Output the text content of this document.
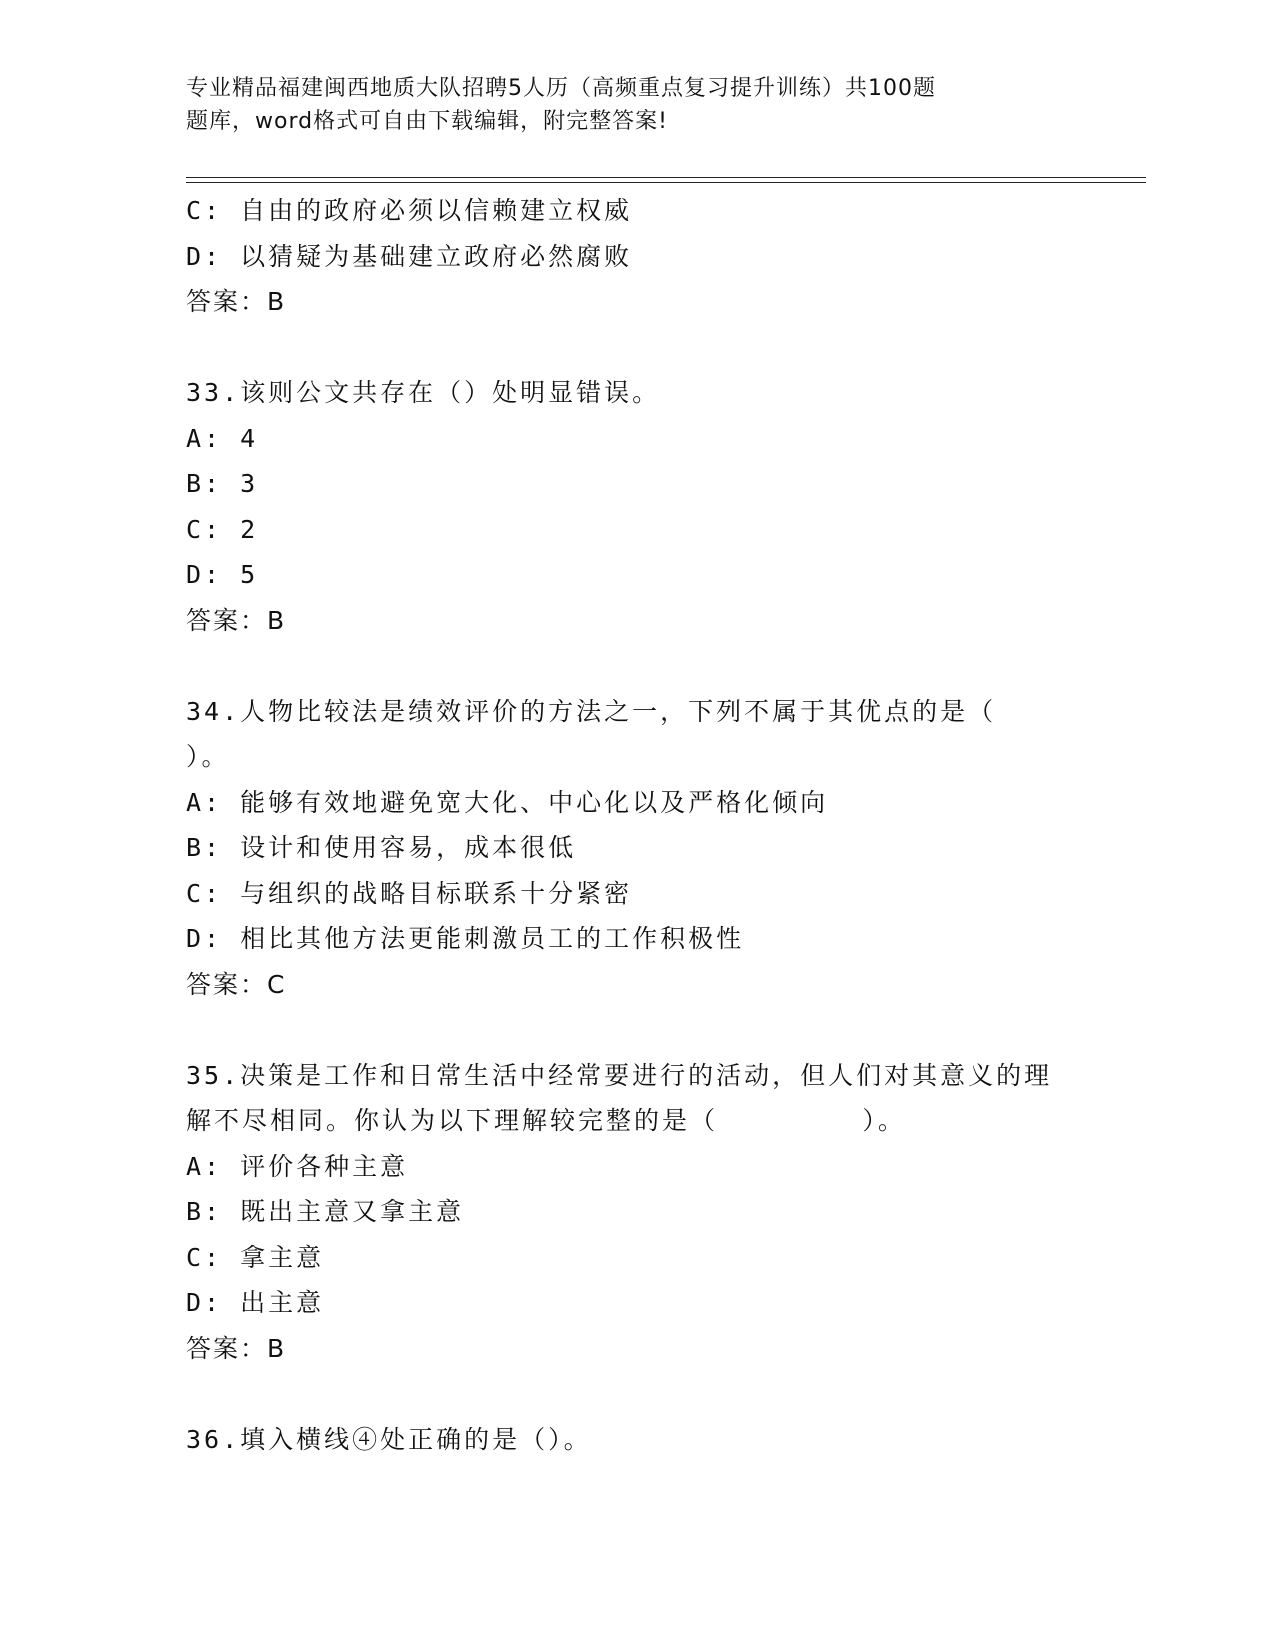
专业精品福建闽西地质大队招聘5人历（高频重点复习提升训练）共100题
题库，word格式可自由下载编辑，附完整答案!
C: 自由的政府必须以信赖建立权威
D: 以猜疑为基础建立政府必然腐败
答案：B
33.该则公文共存在（）处明显错误。
A: 4
B: 3
C: 2
D: 5
答案：B
34.人物比较法是绩效评价的方法之一，下列不属于其优点的是（
）。
A: 能够有效地避免宽大化、中心化以及严格化倾向
B: 设计和使用容易，成本很低
C: 与组织的战略目标联系十分紧密
D: 相比其他方法更能刺激员工的工作积极性
答案：C
35.决策是工作和日常生活中经常要进行的活动，但人们对其意义的理
解不尽相同。你认为以下理解较完整的是（        ）。
A: 评价各种主意
B: 既出主意又拿主意
C: 拿主意
D: 出主意
答案：B
36.填入横线④处正确的是（）。
